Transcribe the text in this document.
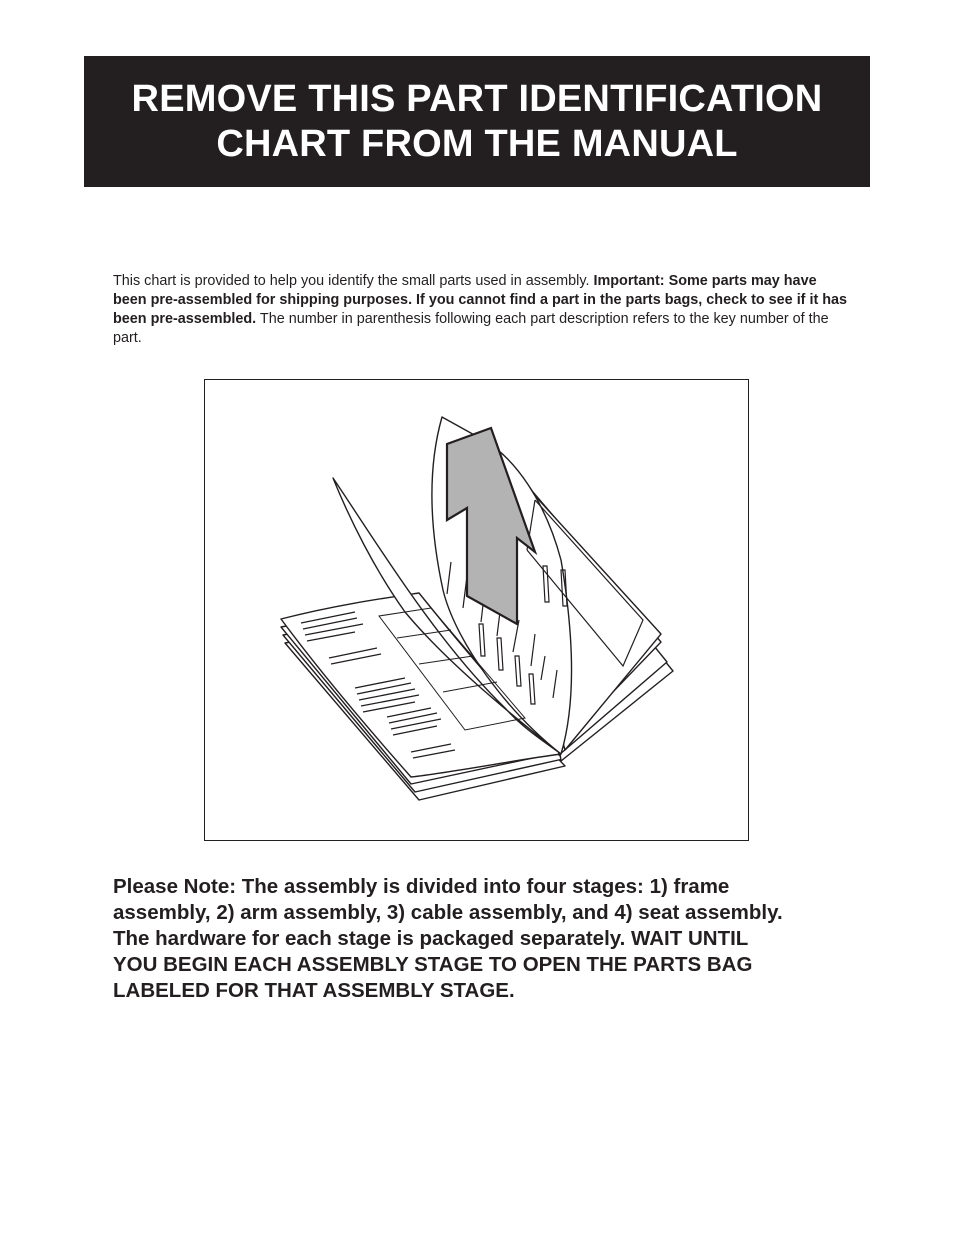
REMOVE THIS PART IDENTIFICATION
CHART FROM THE MANUAL
This chart is provided to help you identify the small parts used in assembly. Important: Some parts may have been pre-assembled for shipping purposes. If you cannot find a part in the parts bags, check to see if it has been pre-assembled. The number in parenthesis following each part description refers to the key number of the part.
Please Note: The assembly is divided into four stages: 1) frame
assembly, 2) arm assembly, 3) cable assembly, and 4) seat assembly.
The hardware for each stage is packaged separately. WAIT UNTIL
YOU BEGIN EACH ASSEMBLY STAGE TO OPEN THE PARTS BAG
LABELED FOR THAT ASSEMBLY STAGE.
